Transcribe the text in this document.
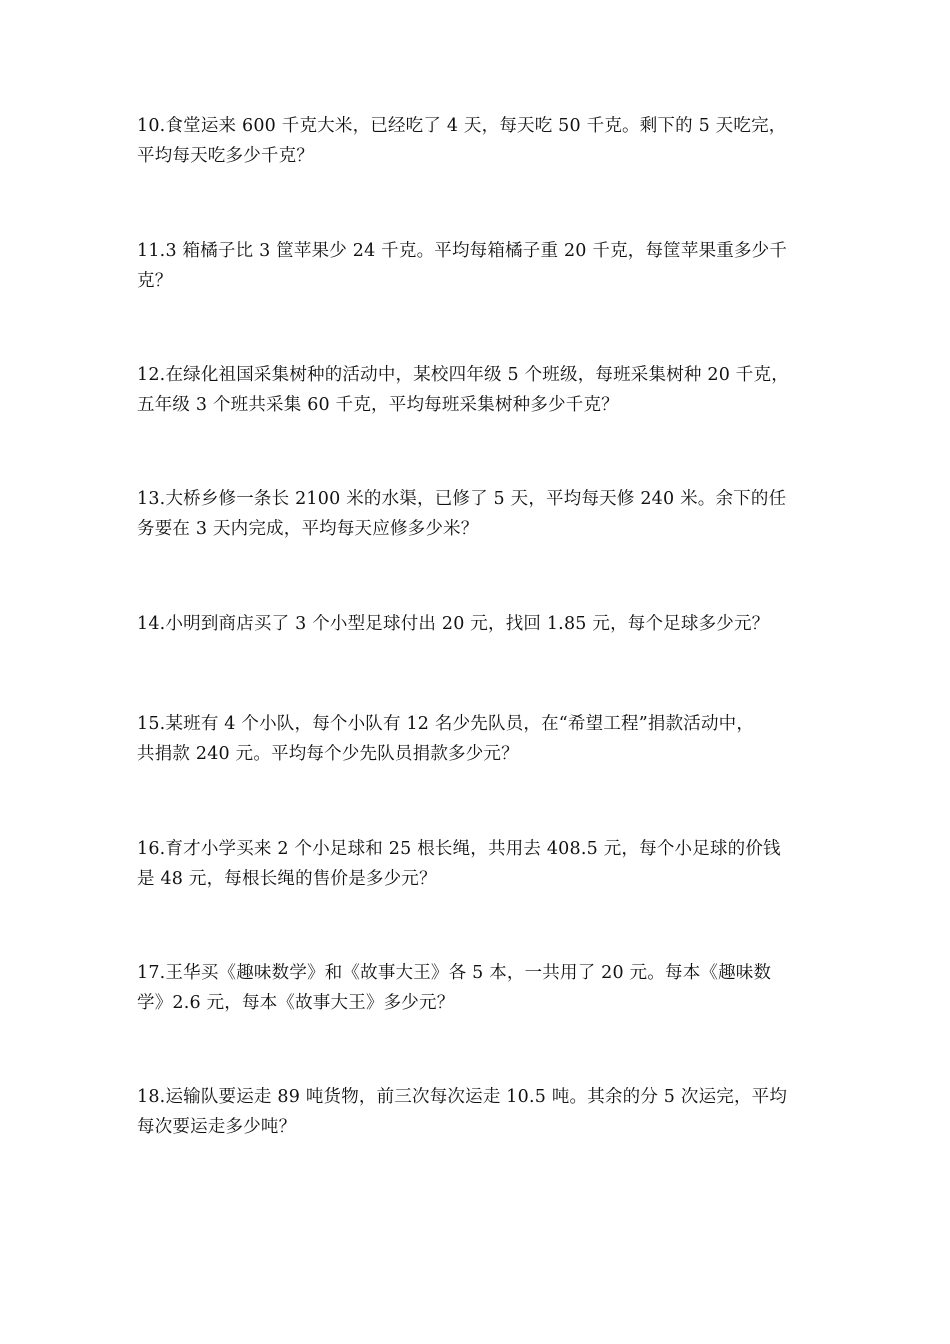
10.食堂运来 600 千克大米，已经吃了 4 天，每天吃 50 千克。剩下的 5 天吃完，
平均每天吃多少千克？
11.3 箱橘子比 3 筐苹果少 24 千克。平均每箱橘子重 20 千克，每筐苹果重多少千
克？
12.在绿化祖国采集树种的活动中，某校四年级 5 个班级，每班采集树种 20 千克，
五年级 3 个班共采集 60 千克，平均每班采集树种多少千克？
13.大桥乡修一条长 2100 米的水渠，已修了 5 天，平均每天修 240 米。余下的任
务要在 3 天内完成，平均每天应修多少米？
14.小明到商店买了 3 个小型足球付出 20 元，找回 1.85 元，每个足球多少元？
15.某班有 4 个小队，每个小队有 12 名少先队员，在“希望工程”捐款活动中，
共捐款 240 元。平均每个少先队员捐款多少元？
16.育才小学买来 2 个小足球和 25 根长绳，共用去 408.5 元，每个小足球的价钱
是 48 元，每根长绳的售价是多少元？
17.王华买《趣味数学》和《故事大王》各 5 本，一共用了 20 元。每本《趣味数
学》2.6 元，每本《故事大王》多少元？
18.运输队要运走 89 吨货物，前三次每次运走 10.5 吨。其余的分 5 次运完，平均
每次要运走多少吨？
